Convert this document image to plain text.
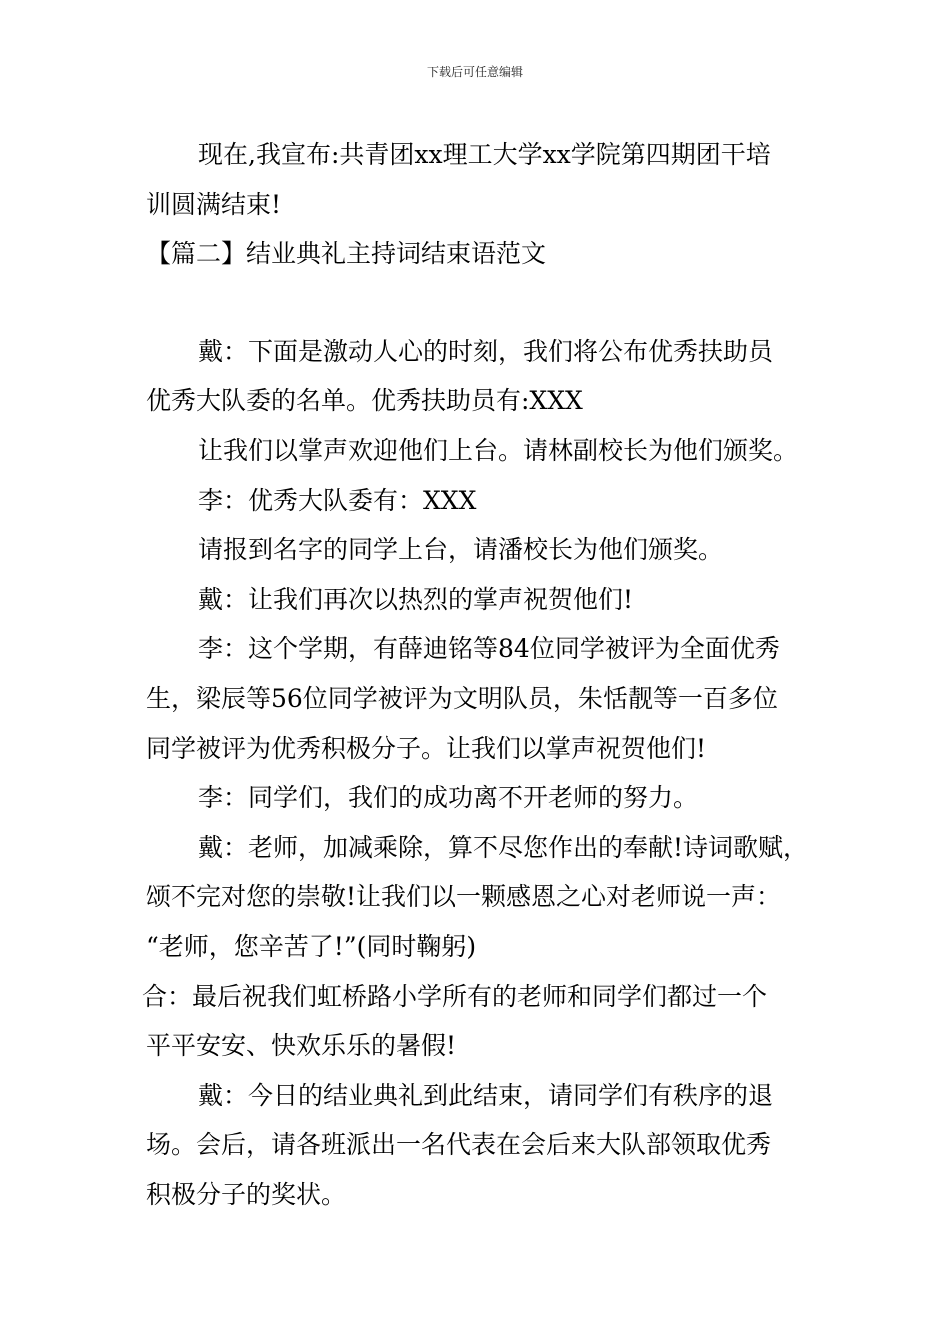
下载后可任意编辑

现在,我宣布:共青团xx理工大学xx学院第四期团干培

训圆满结束!

【篇二】结业典礼主持词结束语范文

戴：下面是激动人心的时刻，我们将公布优秀扶助员

优秀大队委的名单。优秀扶助员有:XXX

让我们以掌声欢迎他们上台。请林副校长为他们颁奖。

李：优秀大队委有：XXX

请报到名字的同学上台，请潘校长为他们颁奖。

戴：让我们再次以热烈的掌声祝贺他们!

李：这个学期，有薛迪铭等84位同学被评为全面优秀

生，梁辰等56位同学被评为文明队员，朱恬靓等一百多位

同学被评为优秀积极分子。让我们以掌声祝贺他们!

李：同学们，我们的成功离不开老师的努力。

戴：老师，加减乘除，算不尽您作出的奉献!诗词歌赋，

颂不完对您的崇敬!让我们以一颗感恩之心对老师说一声：

“老师，您辛苦了!”(同时鞠躬)

合：最后祝我们虹桥路小学所有的老师和同学们都过一个

平平安安、快欢乐乐的暑假!

戴：今日的结业典礼到此结束，请同学们有秩序的退

场。会后，请各班派出一名代表在会后来大队部领取优秀

积极分子的奖状。
